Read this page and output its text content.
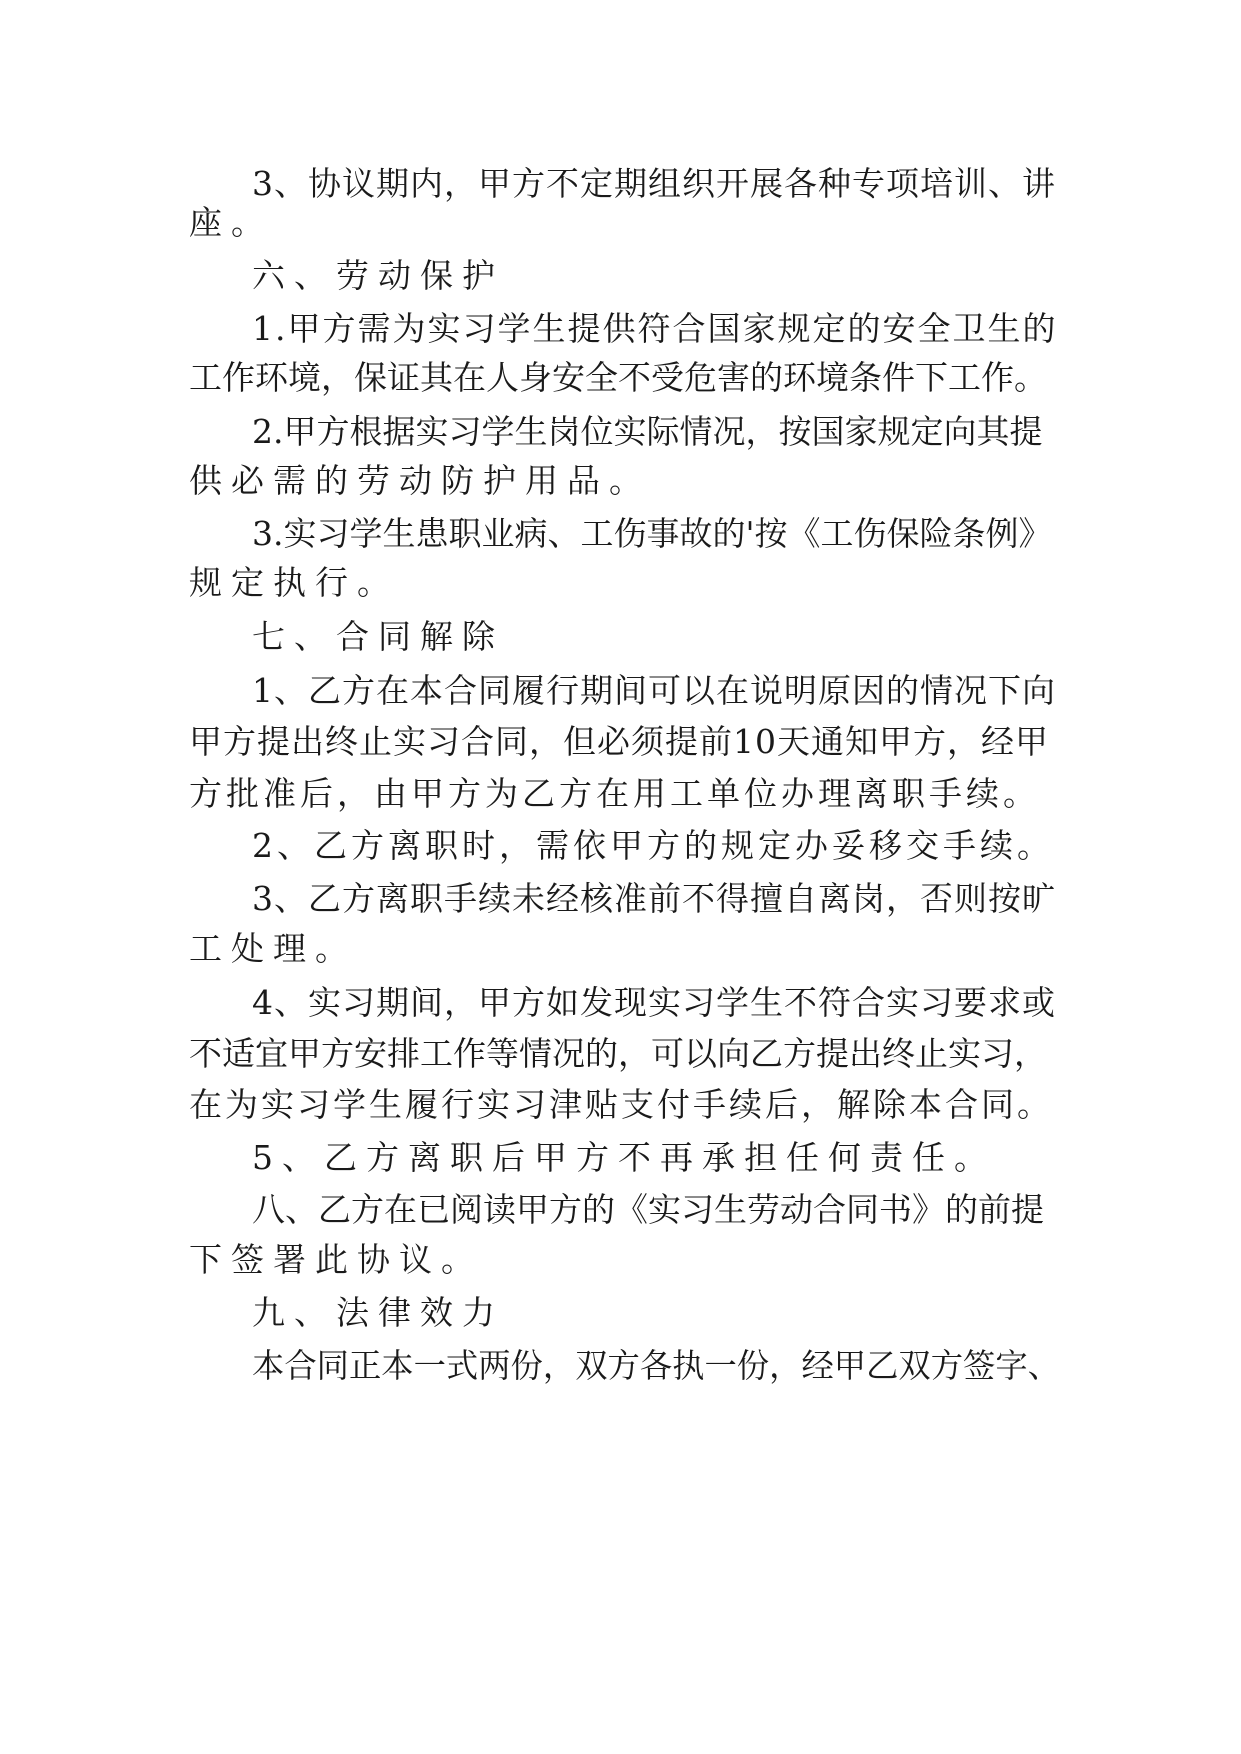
3、协议期内，甲方不定期组织开展各种专项培训、讲
座。
六、劳动保护
1.甲方需为实习学生提供符合国家规定的安全卫生的
工作环境，保证其在人身安全不受危害的环境条件下工作。
2.甲方根据实习学生岗位实际情况，按国家规定向其提
供必需的劳动防护用品。
3.实习学生患职业病、工伤事故的'按《工伤保险条例》
规定执行。
七、合同解除
1、乙方在本合同履行期间可以在说明原因的情况下向
甲方提出终止实习合同，但必须提前10天通知甲方，经甲
方批准后，由甲方为乙方在用工单位办理离职手续。
2、乙方离职时，需依甲方的规定办妥移交手续。
3、乙方离职手续未经核准前不得擅自离岗，否则按旷
工处理。
4、实习期间，甲方如发现实习学生不符合实习要求或
不适宜甲方安排工作等情况的，可以向乙方提出终止实习，
在为实习学生履行实习津贴支付手续后，解除本合同。
5、乙方离职后甲方不再承担任何责任。
八、乙方在已阅读甲方的《实习生劳动合同书》的前提
下签署此协议。
九、法律效力
本合同正本一式两份，双方各执一份，经甲乙双方签字、
